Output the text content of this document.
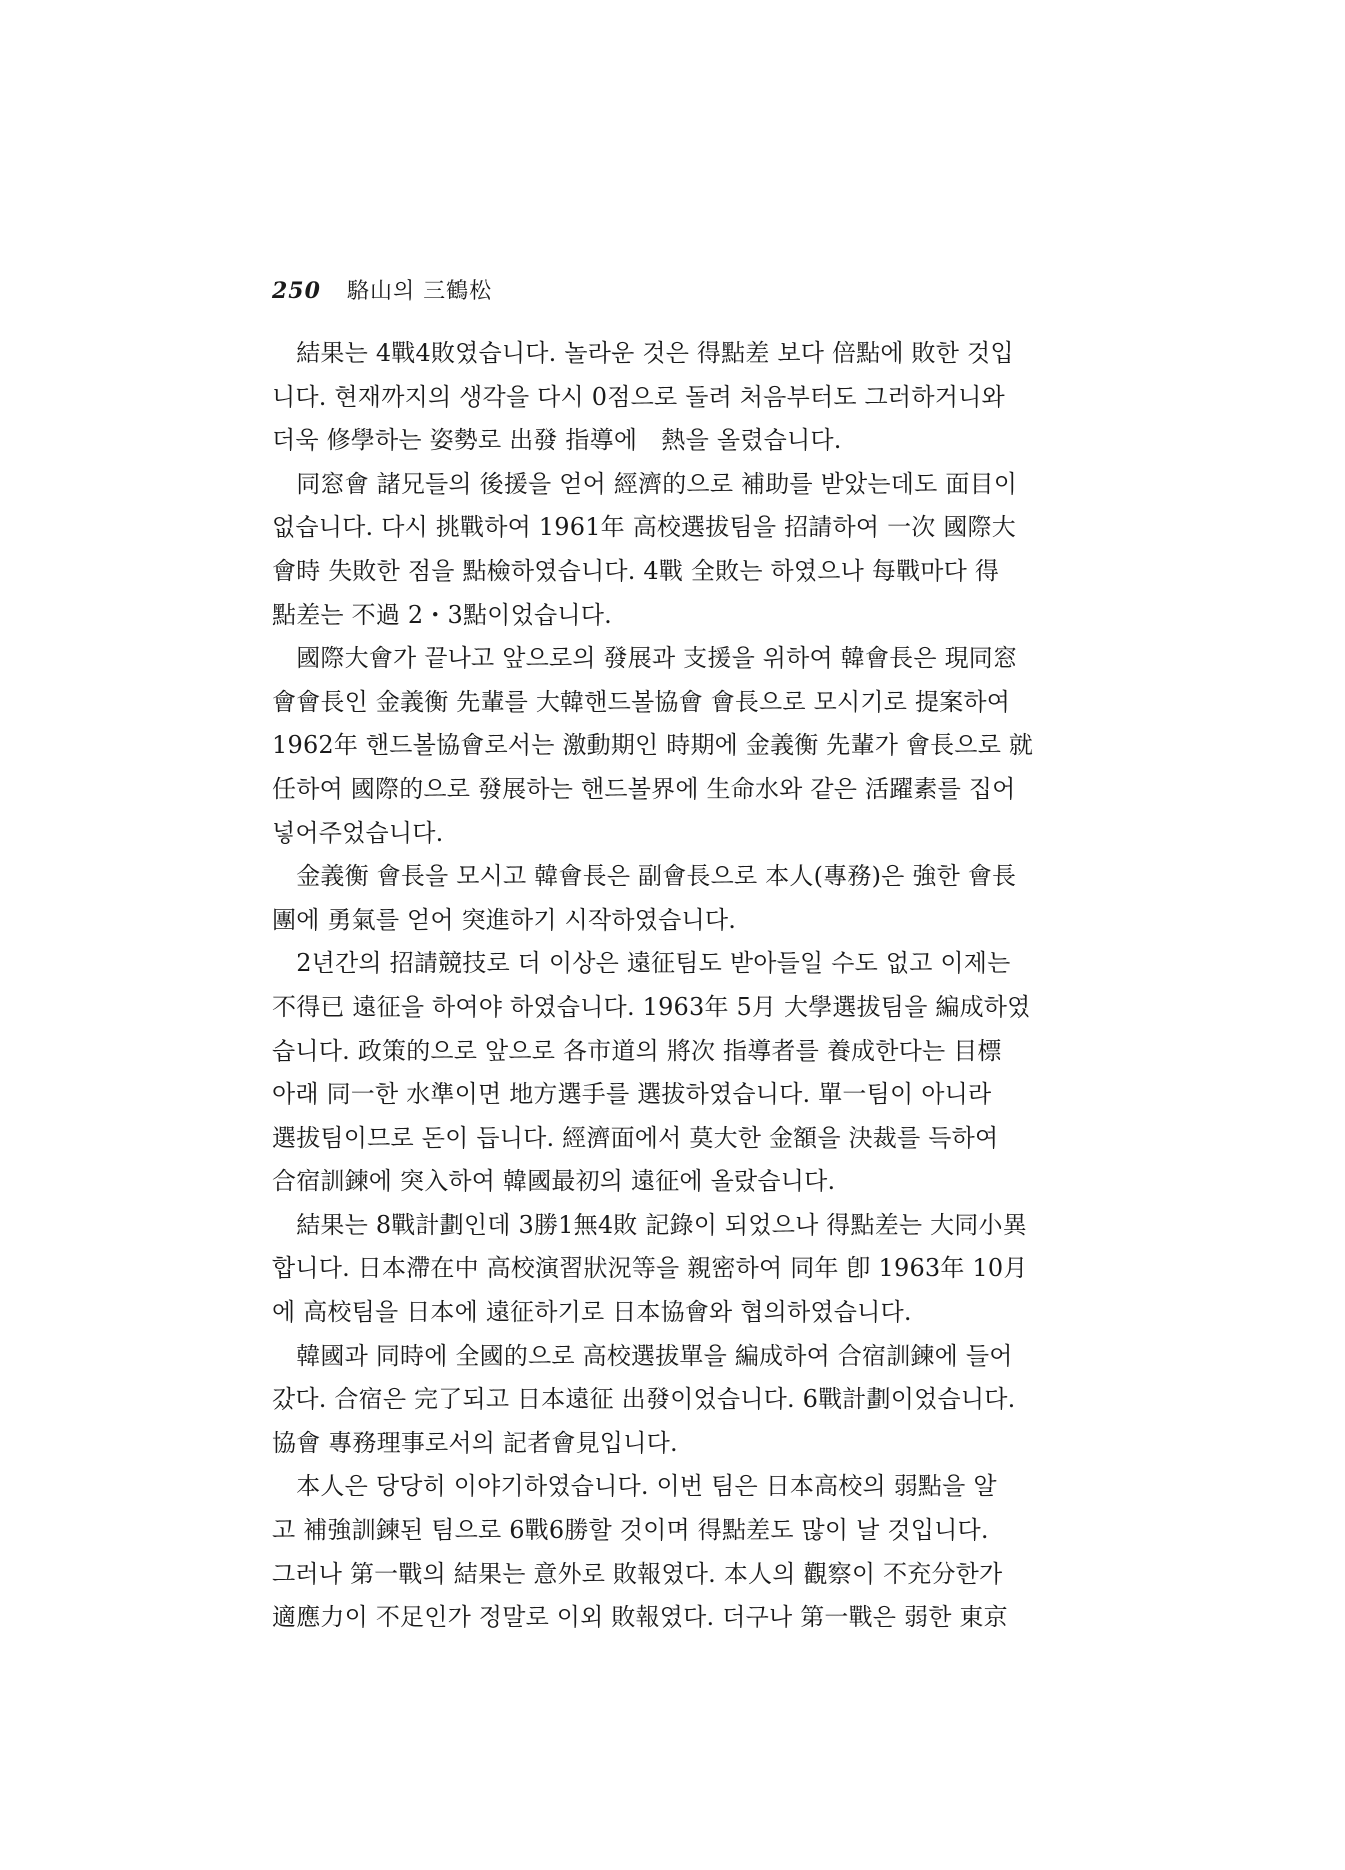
250 駱山의 三鶴松

　結果는 4戰4敗였습니다. 놀라운 것은 得點差 보다 倍點에 敗한 것입
니다. 현재까지의 생각을 다시 0점으로 돌려 처음부터도 그러하거니와
더욱 修學하는 姿勢로 出發 指導에　熱을 올렸습니다.

　同窓會 諸兄들의 後援을 얻어 經濟的으로 補助를 받았는데도 面目이
없습니다. 다시 挑戰하여 1961年 高校選拔팀을 招請하여 一次 國際大
會時 失敗한 점을 點檢하였습니다. 4戰 全敗는 하였으나 每戰마다 得
點差는 不過 2・3點이었습니다.

　國際大會가 끝나고 앞으로의 發展과 支援을 위하여 韓會長은 現同窓
會會長인 金義衡 先輩를 大韓핸드볼協會 會長으로 모시기로 提案하여
1962年 핸드볼協會로서는 激動期인 時期에 金義衡 先輩가 會長으로 就
任하여 國際的으로 發展하는 핸드볼界에 生命水와 같은 活躍素를 집어
넣어주었습니다.

　金義衡 會長을 모시고 韓會長은 副會長으로 本人(專務)은 強한 會長
團에 勇氣를 얻어 突進하기 시작하였습니다.

　2년간의 招請競技로 더 이상은 遠征팀도 받아들일 수도 없고 이제는
不得已 遠征을 하여야 하였습니다. 1963年 5月 大學選拔팀을 編成하였
습니다. 政策的으로 앞으로 各市道의 將次 指導者를 養成한다는 目標
아래 同一한 水準이면 地方選手를 選拔하였습니다. 單一팀이 아니라
選拔팀이므로 돈이 듭니다. 經濟面에서 莫大한 金額을 決裁를 득하여
合宿訓鍊에 突入하여 韓國最初의 遠征에 올랐습니다.

　結果는 8戰計劃인데 3勝1無4敗 記錄이 되었으나 得點差는 大同小異
합니다. 日本滯在中 高校演習狀況等을 親密하여 同年 卽 1963年 10月
에 高校팀을 日本에 遠征하기로 日本協會와 협의하였습니다.

　韓國과 同時에 全國的으로 高校選拔單을 編成하여 合宿訓鍊에 들어
갔다. 合宿은 完了되고 日本遠征 出發이었습니다. 6戰計劃이었습니다.
協會 專務理事로서의 記者會見입니다.

　本人은 당당히 이야기하였습니다. 이번 팀은 日本高校의 弱點을 알
고 補強訓鍊된 팀으로 6戰6勝할 것이며 得點差도 많이 날 것입니다.
그러나 第一戰의 結果는 意外로 敗報였다. 本人의 觀察이 不充分한가
適應力이 不足인가 정말로 이외 敗報였다. 더구나 第一戰은 弱한 東京
